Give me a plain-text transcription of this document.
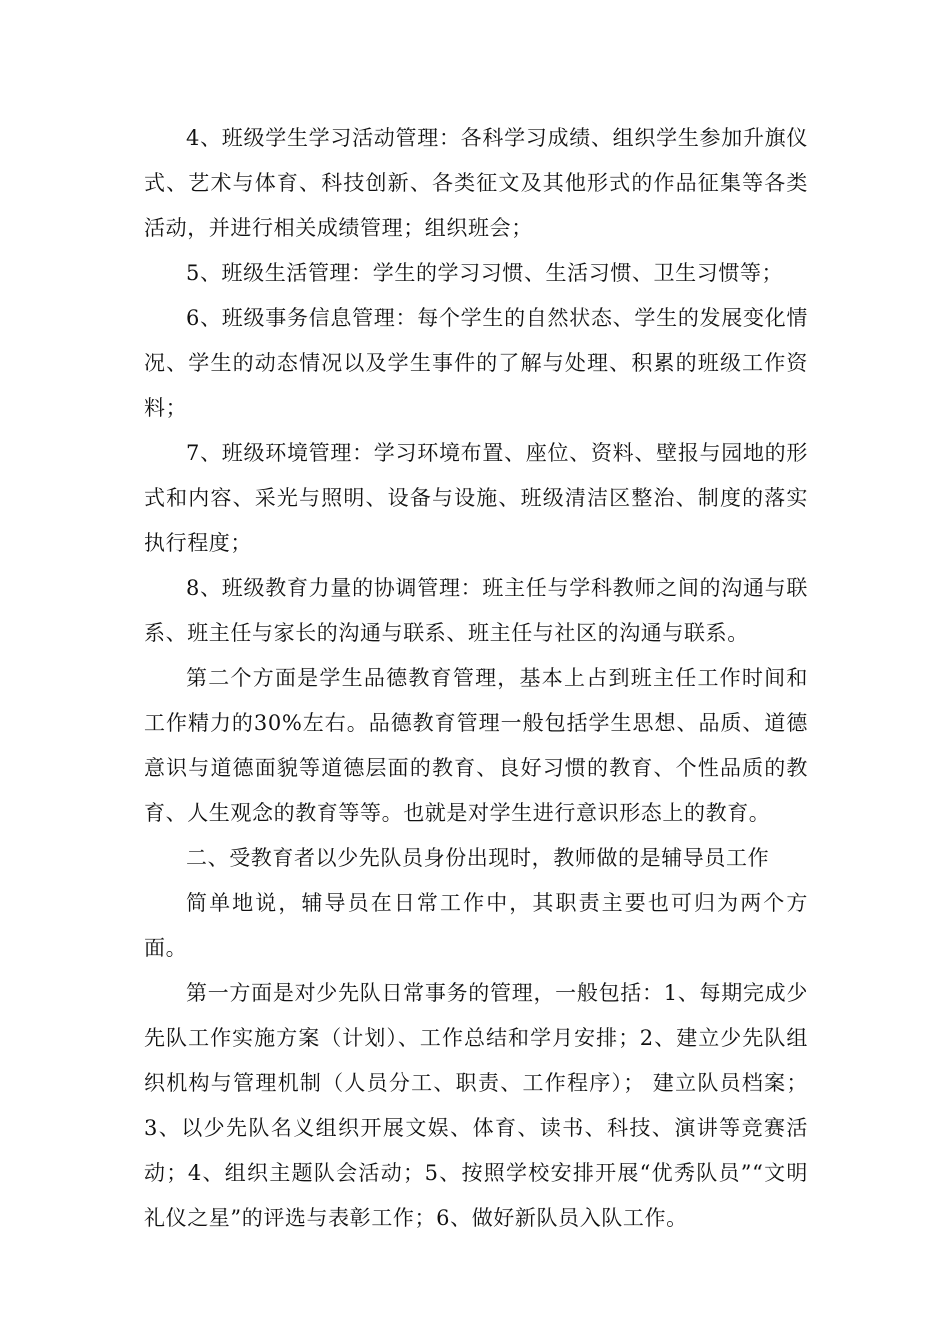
4、班级学生学习活动管理：各科学习成绩、组织学生参加升旗仪式、艺术与体育、科技创新、各类征文及其他形式的作品征集等各类活动，并进行相关成绩管理；组织班会；

5、班级生活管理：学生的学习习惯、生活习惯、卫生习惯等；

6、班级事务信息管理：每个学生的自然状态、学生的发展变化情况、学生的动态情况以及学生事件的了解与处理、积累的班级工作资料；

7、班级环境管理：学习环境布置、座位、资料、壁报与园地的形式和内容、采光与照明、设备与设施、班级清洁区整治、制度的落实执行程度；

8、班级教育力量的协调管理：班主任与学科教师之间的沟通与联系、班主任与家长的沟通与联系、班主任与社区的沟通与联系。

第二个方面是学生品德教育管理，基本上占到班主任工作时间和工作精力的30%左右。品德教育管理一般包括学生思想、品质、道德意识与道德面貌等道德层面的教育、良好习惯的教育、个性品质的教育、人生观念的教育等等。也就是对学生进行意识形态上的教育。

二、受教育者以少先队员身份出现时，教师做的是辅导员工作

简单地说，辅导员在日常工作中，其职责主要也可归为两个方面。

第一方面是对少先队日常事务的管理，一般包括：1、每期完成少先队工作实施方案（计划）、工作总结和学月安排；2、建立少先队组织机构与管理机制（人员分工、职责、工作程序）； 建立队员档案；3、以少先队名义组织开展文娱、体育、读书、科技、演讲等竞赛活动；4、组织主题队会活动；5、按照学校安排开展“优秀队员”“文明礼仪之星”的评选与表彰工作；6、做好新队员入队工作。
